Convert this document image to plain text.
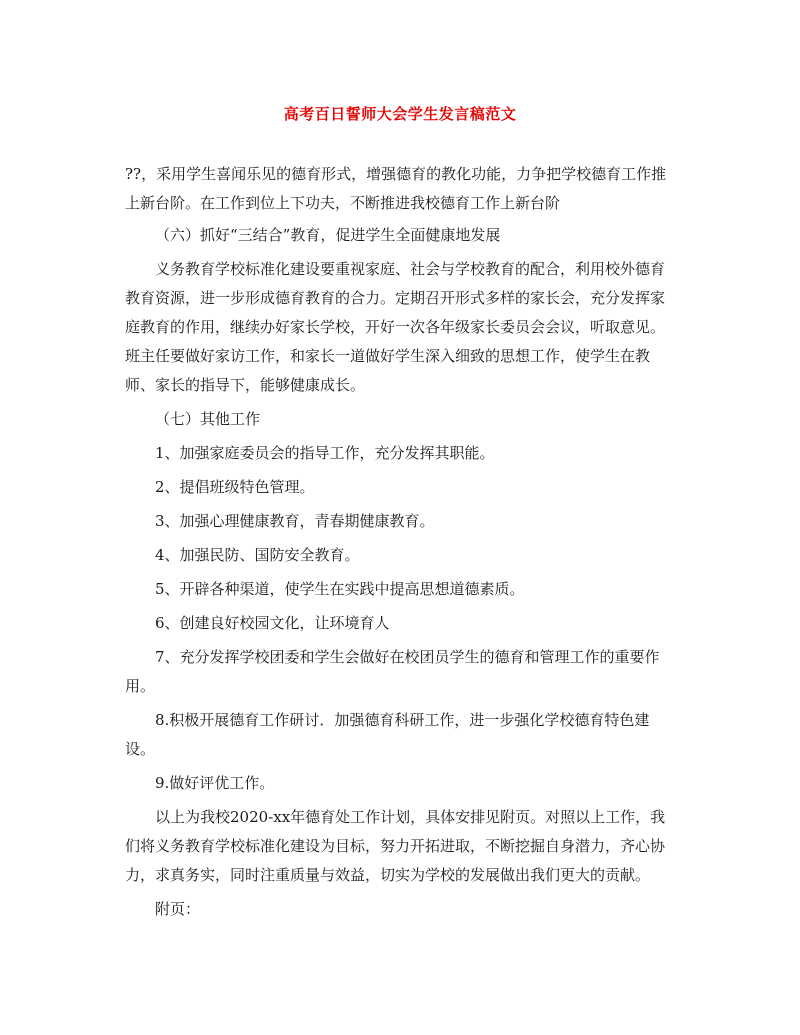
高考百日誓师大会学生发言稿范文

??，采用学生喜闻乐见的德育形式，增强德育的教化功能，力争把学校德育工作推上新台阶。在工作到位上下功夫，不断推进我校德育工作上新台阶

（六）抓好“三结合”教育，促进学生全面健康地发展

义务教育学校标准化建设要重视家庭、社会与学校教育的配合，利用校外德育教育资源，进一步形成德育教育的合力。定期召开形式多样的家长会，充分发挥家庭教育的作用，继续办好家长学校，开好一次各年级家长委员会会议，听取意见。班主任要做好家访工作，和家长一道做好学生深入细致的思想工作，使学生在教师、家长的指导下，能够健康成长。

（七）其他工作

1、加强家庭委员会的指导工作，充分发挥其职能。

2、提倡班级特色管理。

3、加强心理健康教育，青春期健康教育。

4、加强民防、国防安全教育。

5、开辟各种渠道，使学生在实践中提高思想道德素质。

6、创建良好校园文化，让环境育人

7、充分发挥学校团委和学生会做好在校团员学生的德育和管理工作的重要作用。

8.积极开展德育工作研讨．加强德育科研工作，进一步强化学校德育特色建设。

9.做好评优工作。

以上为我校2020-xx年德育处工作计划，具体安排见附页。对照以上工作，我们将义务教育学校标准化建设为目标，努力开拓进取，不断挖掘自身潜力，齐心协力，求真务实，同时注重质量与效益，切实为学校的发展做出我们更大的贡献。

附页：
